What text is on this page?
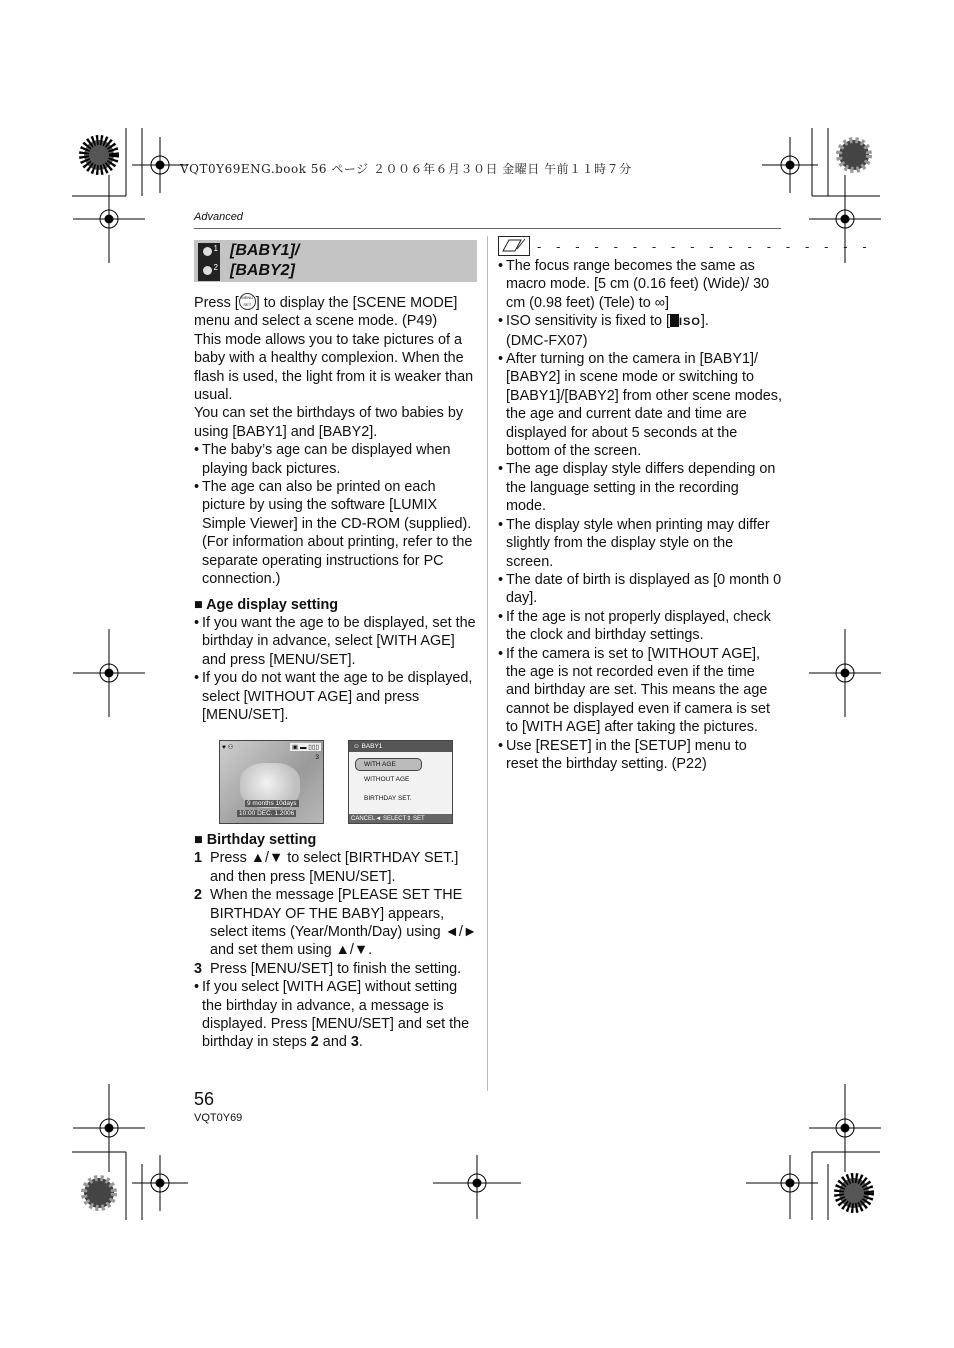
VQT0Y69ENG.book 56 ページ ２００６年６月３０日 金曜日 午前１１時７分
Advanced
1
2
[BABY1]/
[BABY2]

Press [ MENU SET ] to display the [SCENE MODE] menu and select a scene mode. (P49)

This mode allows you to take pictures of a baby with a healthy complexion. When the flash is used, the light from it is weaker than usual.

You can set the birthdays of two babies by using [BABY1] and [BABY2].

• The baby’s age can be displayed when playing back pictures.

• The age can also be printed on each picture by using the software [LUMIX Simple Viewer] in the CD-ROM (supplied). (For information about printing, refer to the separate operating instructions for PC connection.)

■ Age display setting

• If you want the age to be displayed, set the birthday in advance, select [WITH AGE] and press [MENU/SET].

• If you do not want the age to be displayed, select [WITHOUT AGE] and press [MENU/SET].

♥ ⚇	▣ ▬ ▯▯▯
3
9 months 10days
10:00 DEC. 1.2006
☺ BABY1
WITH AGE
WITHOUT AGE
BIRTHDAY SET.
CANCEL◄ SELECT⇕ SET
■ Birthday setting

1 Press ▲/▼ to select [BIRTHDAY SET.] and then press [MENU/SET].

2 When the message [PLEASE SET THE BIRTHDAY OF THE BABY] appears, select items (Year/Month/Day) using ◄/► and set them using ▲/▼.

3 Press [MENU/SET] to finish the setting.

• If you select [WITH AGE] without setting the birthday in advance, a message is displayed. Press [MENU/SET] and set the birthday in steps 2 and 3.

- - - - - - - - - - - - - - - - - -

• The focus range becomes the same as macro mode. [5 cm (0.16 feet) (Wide)/ 30 cm (0.98 feet) (Tele) to ∞]

• ISO sensitivity is fixed to [ ISO].
(DMC-FX07)

• After turning on the camera in [BABY1]/ [BABY2] in scene mode or switching to [BABY1]/[BABY2] from other scene modes, the age and current date and time are displayed for about 5 seconds at the bottom of the screen.

• The age display style differs depending on the language setting in the recording mode.

• The display style when printing may differ slightly from the display style on the screen.

• The date of birth is displayed as [0 month 0 day].

• If the age is not properly displayed, check the clock and birthday settings.

• If the camera is set to [WITHOUT AGE], the age is not recorded even if the time and birthday are set. This means the age cannot be displayed even if camera is set to [WITH AGE] after taking the pictures.

• Use [RESET] in the [SETUP] menu to reset the birthday setting. (P22)

56
VQT0Y69
